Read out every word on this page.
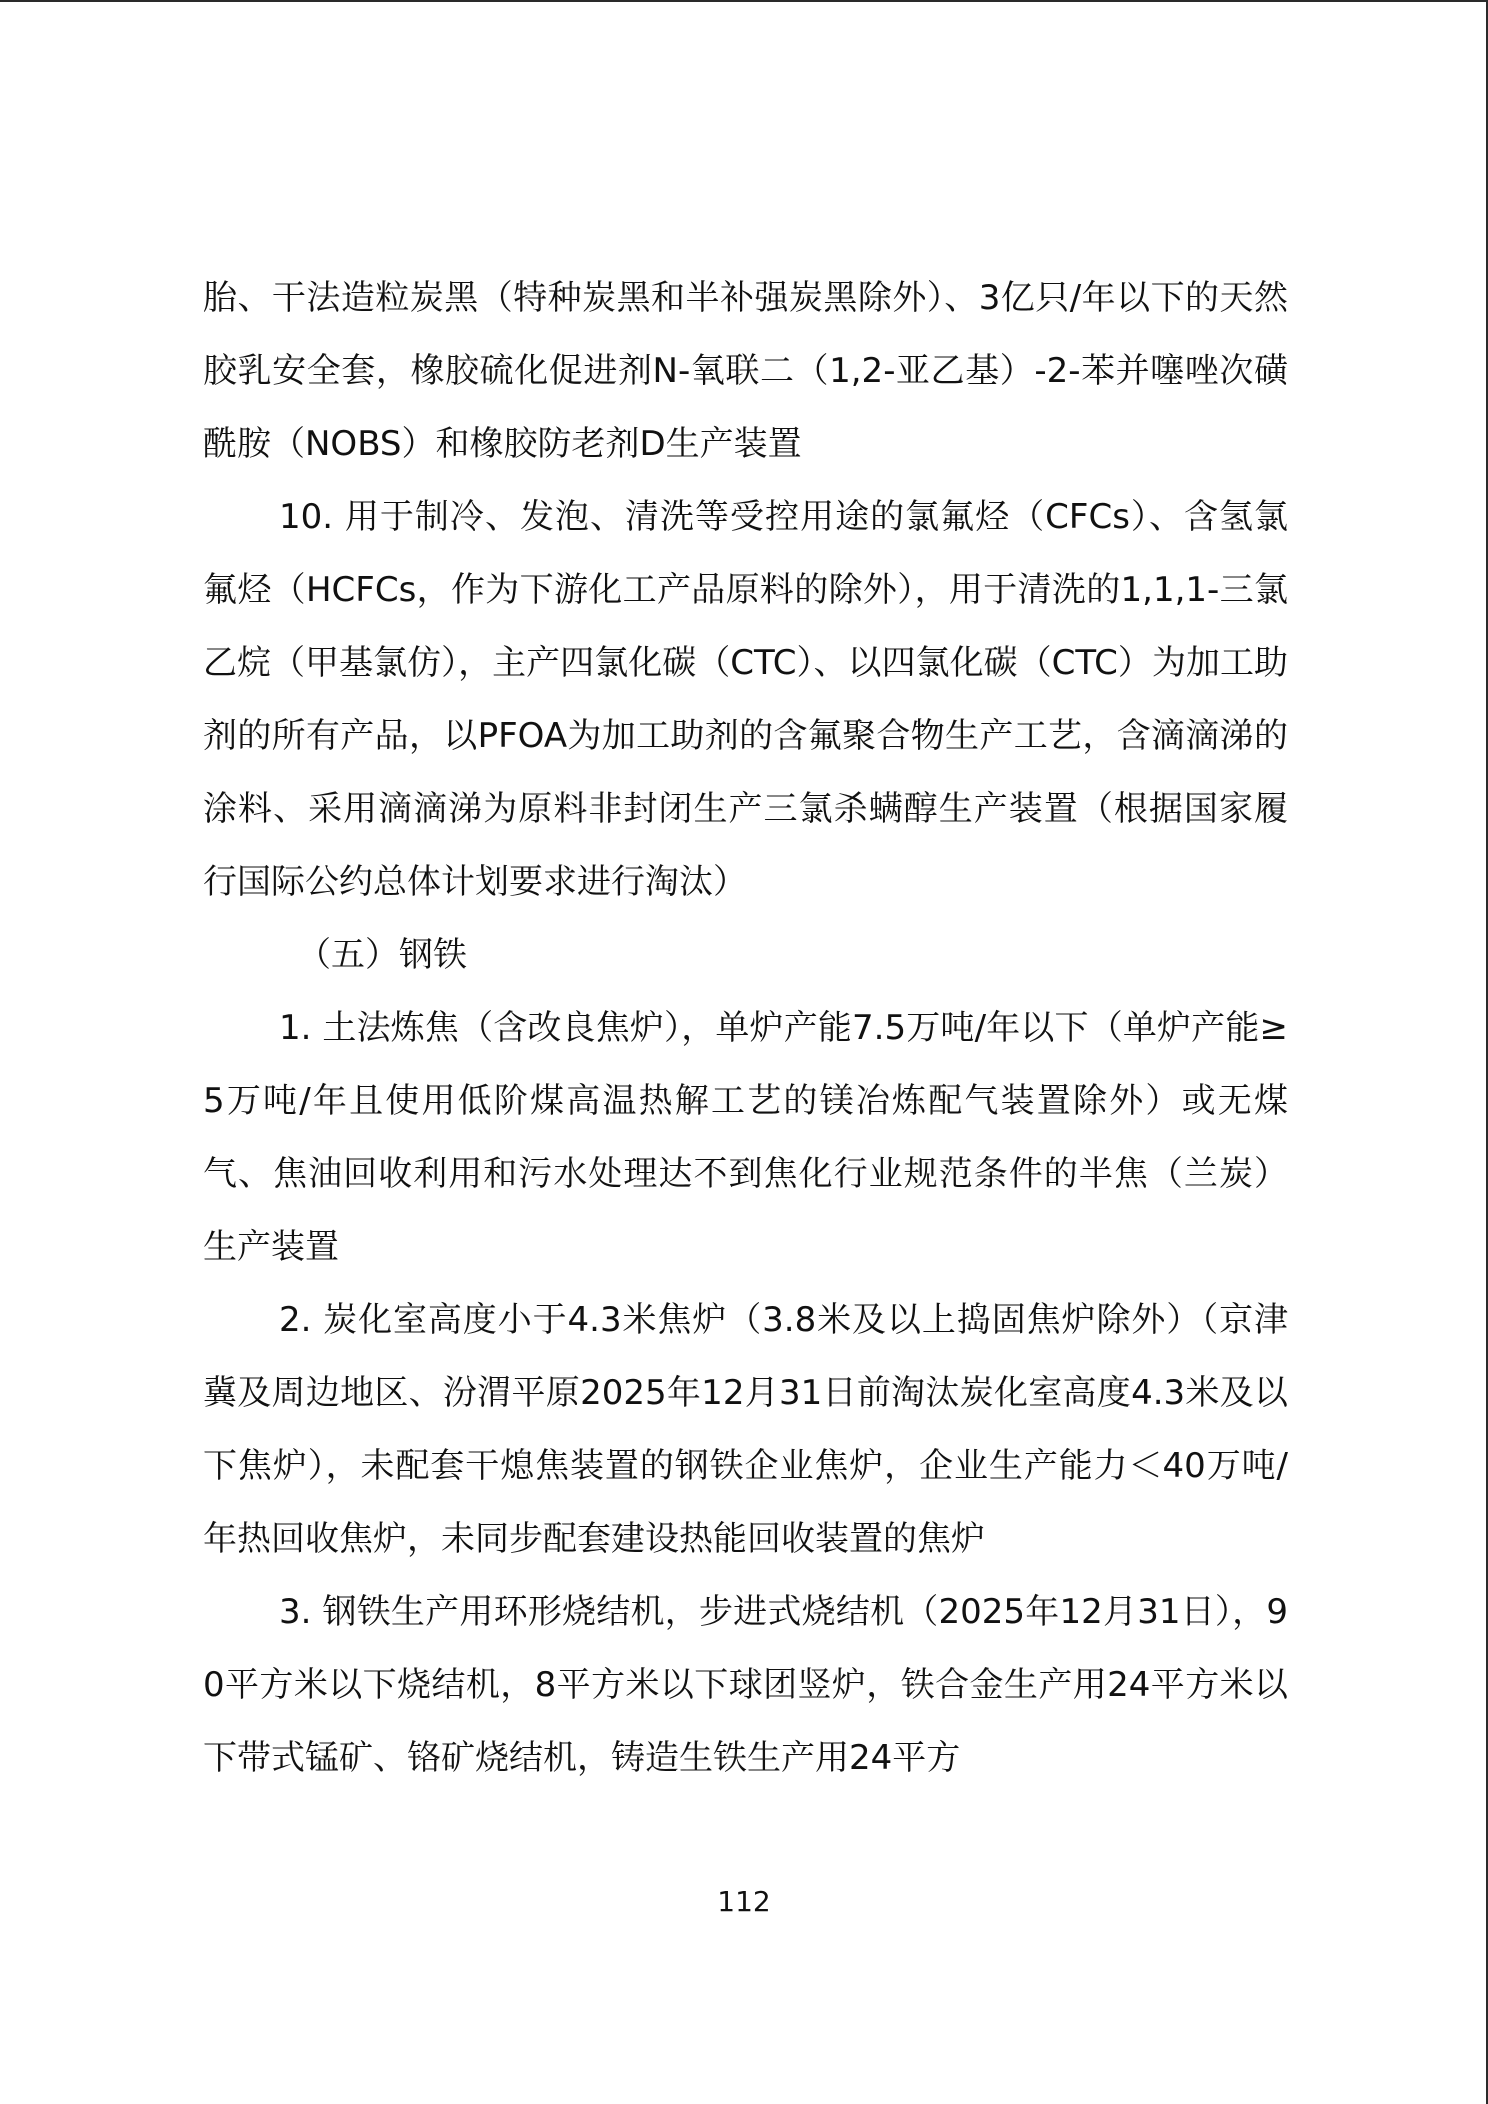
胎、干法造粒炭黑（特种炭黑和半补强炭黑除外）、3亿只/年以下的天然胶乳安全套，橡胶硫化促进剂N-氧联二（1,2-亚乙基）-2-苯并噻唑次磺酰胺（NOBS）和橡胶防老剂D生产装置

10. 用于制冷、发泡、清洗等受控用途的氯氟烃（CFCs）、含氢氯氟烃（HCFCs，作为下游化工产品原料的除外），用于清洗的1,1,1-三氯乙烷（甲基氯仿），主产四氯化碳（CTC）、以四氯化碳（CTC）为加工助剂的所有产品，以PFOA为加工助剂的含氟聚合物生产工艺，含滴滴涕的涂料、采用滴滴涕为原料非封闭生产三氯杀螨醇生产装置（根据国家履行国际公约总体计划要求进行淘汰）

（五）钢铁

1. 土法炼焦（含改良焦炉），单炉产能7.5万吨/年以下（单炉产能≥5万吨/年且使用低阶煤高温热解工艺的镁冶炼配气装置除外）或无煤气、焦油回收利用和污水处理达不到焦化行业规范条件的半焦（兰炭）生产装置

2. 炭化室高度小于4.3米焦炉（3.8米及以上捣固焦炉除外）（京津冀及周边地区、汾渭平原2025年12月31日前淘汰炭化室高度4.3米及以下焦炉），未配套干熄焦装置的钢铁企业焦炉，企业生产能力＜40万吨/年热回收焦炉，未同步配套建设热能回收装置的焦炉

3. 钢铁生产用环形烧结机，步进式烧结机（2025年12月31日），90平方米以下烧结机，8平方米以下球团竖炉，铁合金生产用24平方米以下带式锰矿、铬矿烧结机，铸造生铁生产用24平方

112
